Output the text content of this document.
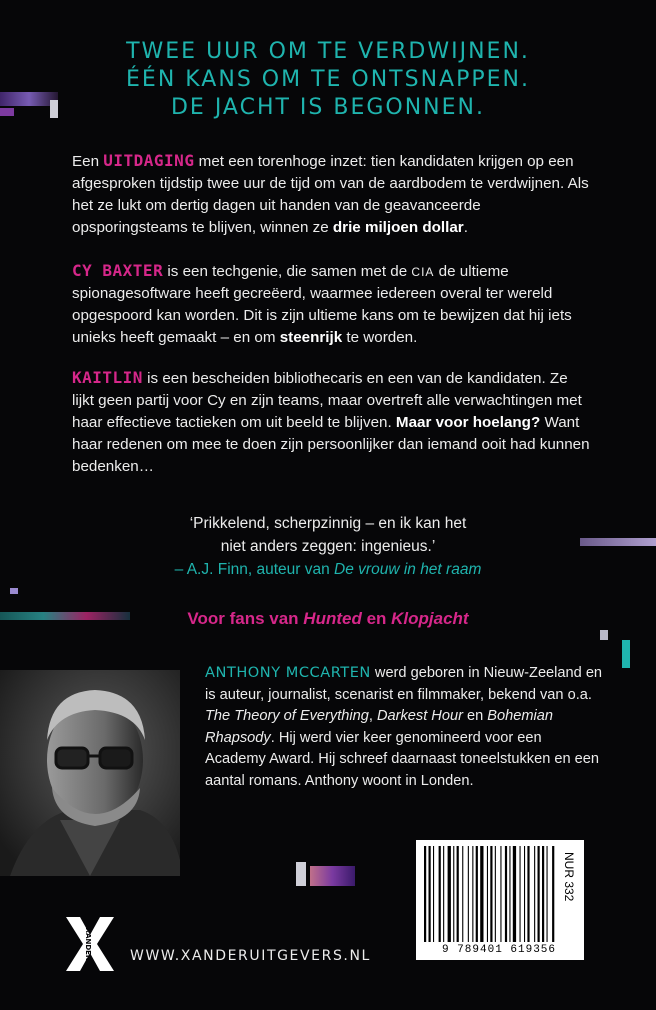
TWEE UUR OM TE VERDWIJNEN.
ÉÉN KANS OM TE ONTSNAPPEN.
DE JACHT IS BEGONNEN.
Een UITDAGING met een torenhoge inzet: tien kandidaten krijgen op een afgesproken tijdstip twee uur de tijd om van de aardbodem te verdwijnen. Als het ze lukt om dertig dagen uit handen van de geavanceerde opsporingsteams te blijven, winnen ze drie miljoen dollar.
CY BAXTER is een techgenie, die samen met de CIA de ultieme spionagesoftware heeft gecreëerd, waarmee iedereen overal ter wereld opgespoord kan worden. Dit is zijn ultieme kans om te bewijzen dat hij iets unieks heeft gemaakt – en om steenrijk te worden.
KAITLIN is een bescheiden bibliothecaris en een van de kandidaten. Ze lijkt geen partij voor Cy en zijn teams, maar overtreft alle verwachtingen met haar effectieve tactieken om uit beeld te blijven. Maar voor hoelang? Want haar redenen om mee te doen zijn persoonlijker dan iemand ooit had kunnen bedenken…
‘Prikkelend, scherpzinnig – en ik kan het
niet anders zeggen: ingenieus.’
– A.J. Finn, auteur van De vrouw in het raam
Voor fans van Hunted en Klopjacht
ANTHONY MCCARTEN werd geboren in Nieuw-Zeeland en is auteur, journalist, scenarist en filmmaker, bekend van o.a. The Theory of Everything, Darkest Hour en Bohemian Rhapsody. Hij werd vier keer genomineerd voor een Academy Award. Hij schreef daarnaast toneelstukken en een aantal romans. Anthony woont in Londen.
XANDER	WWW.XANDERUITGEVERS.NL
NUR 332
9 789401 619356
